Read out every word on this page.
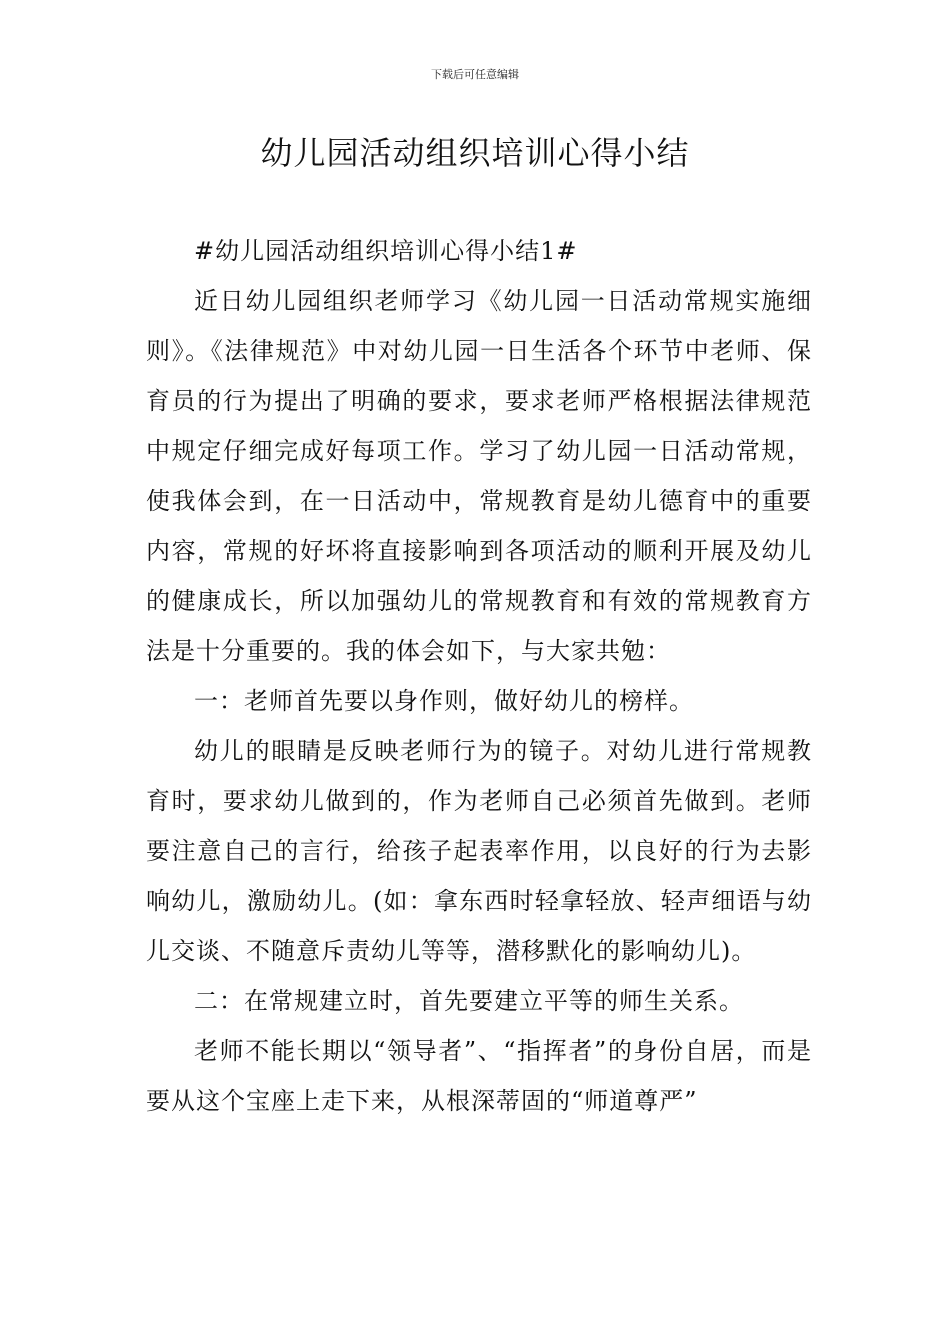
下载后可任意编辑
幼儿园活动组织培训心得小结

#幼儿园活动组织培训心得小结1#

近日幼儿园组织老师学习《幼儿园一日活动常规实施细则》。《法律规范》中对幼儿园一日生活各个环节中老师、保育员的行为提出了明确的要求，要求老师严格根据法律规范中规定仔细完成好每项工作。学习了幼儿园一日活动常规，使我体会到，在一日活动中，常规教育是幼儿德育中的重要内容，常规的好坏将直接影响到各项活动的顺利开展及幼儿的健康成长，所以加强幼儿的常规教育和有效的常规教育方法是十分重要的。我的体会如下，与大家共勉：

一：老师首先要以身作则，做好幼儿的榜样。

幼儿的眼睛是反映老师行为的镜子。对幼儿进行常规教育时，要求幼儿做到的，作为老师自己必须首先做到。老师要注意自己的言行，给孩子起表率作用，以良好的行为去影响幼儿，激励幼儿。(如：拿东西时轻拿轻放、轻声细语与幼儿交谈、不随意斥责幼儿等等，潜移默化的影响幼儿)。

二：在常规建立时，首先要建立平等的师生关系。

老师不能长期以“领导者”、“指挥者”的身份自居，而是要从这个宝座上走下来，从根深蒂固的“师道尊严”
